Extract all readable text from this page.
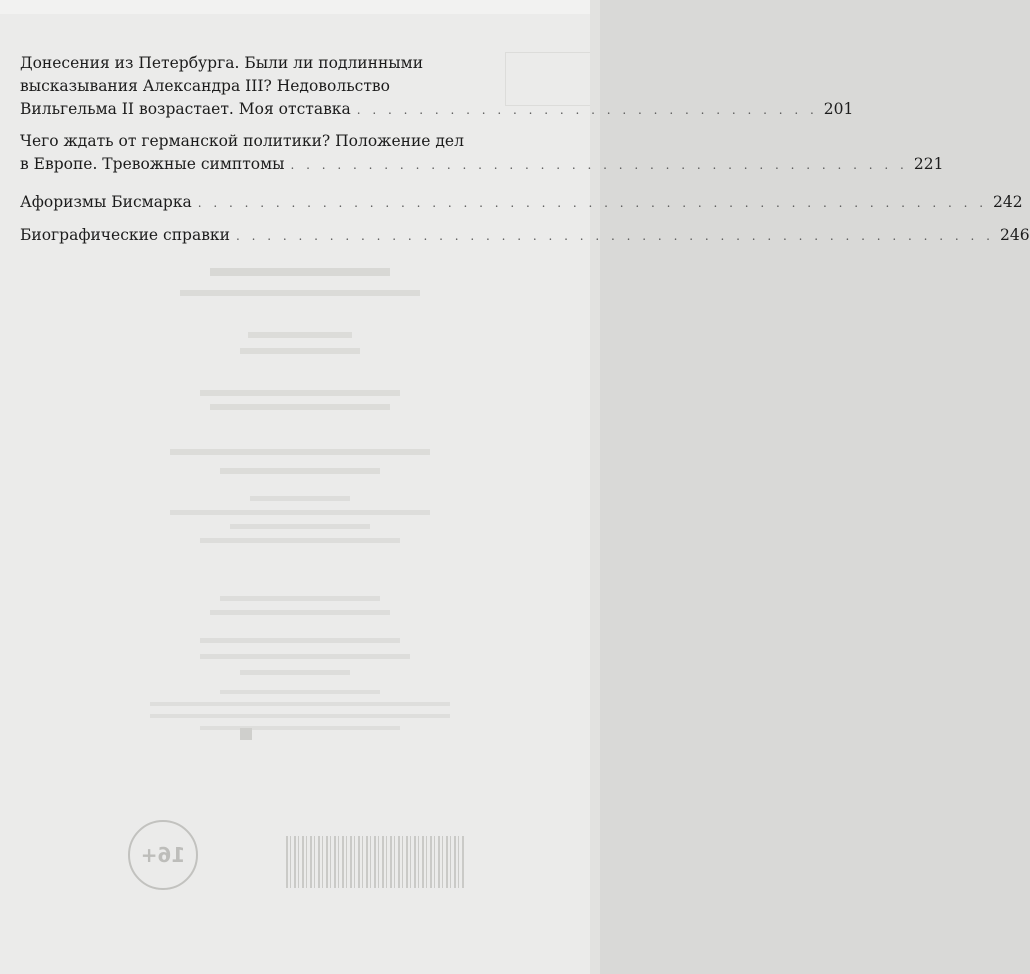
Донесения из Петербурга. Были ли подлинными
высказывания Александра III? Недовольство
Вильгельма II возрастает. Моя отставка . . . . . . . . . . . . . . . . . . . . . . . . . . . . . . 201
Чего ждать от германской политики? Положение дел
в Европе. Тревожные симптомы . . . . . . . . . . . . . . . . . . . . . . . . . . . . . . . . . . . . . . . . 221
Афоризмы Бисмарка . . . . . . . . . . . . . . . . . . . . . . . . . . . . . . . . . . . . . . . . . . . . . . . . . . . 242
Биографические справки . . . . . . . . . . . . . . . . . . . . . . . . . . . . . . . . . . . . . . . . . . . . . . . . . 246
16+
